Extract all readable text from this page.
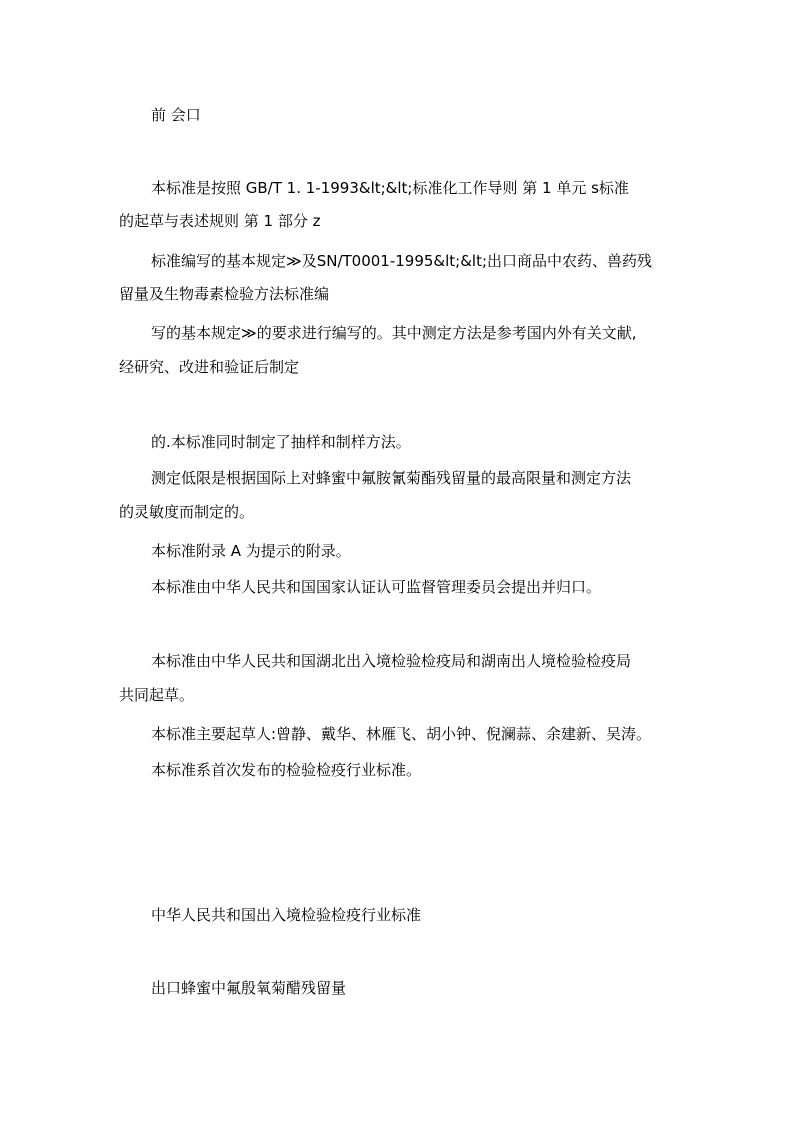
前 会口
本标准是按照 GB/T 1. 1-1993&lt;&lt;标准化工作导则 第 1 单元 s标准
的起草与表述规则 第 1 部分 z
标准编写的基本规定≫及SN/T0001-1995&lt;&lt;出口商品中农药、兽药残
留量及生物毒素检验方法标准编
写的基本规定≫的要求进行编写的。其中测定方法是参考国内外有关文献,
经研究、改进和验证后制定
的.本标准同时制定了抽样和制样方法。
测定低限是根据国际上对蜂蜜中氟胺氰菊酯残留量的最高限量和测定方法
的灵敏度而制定的。
本标准附录 A 为提示的附录。
本标准由中华人民共和国国家认证认可监督管理委员会提出并归口。
本标准由中华人民共和国湖北出入境检验检疫局和湖南出人境检验检疫局
共同起草。
本标准主要起草人:曾静、戴华、林雁飞、胡小钟、倪澜蒜、余建新、吴涛。
本标准系首次发布的检验检疫行业标准。
中华人民共和国出入境检验检疫行业标准
出口蜂蜜中氟殷氧菊醋残留量
